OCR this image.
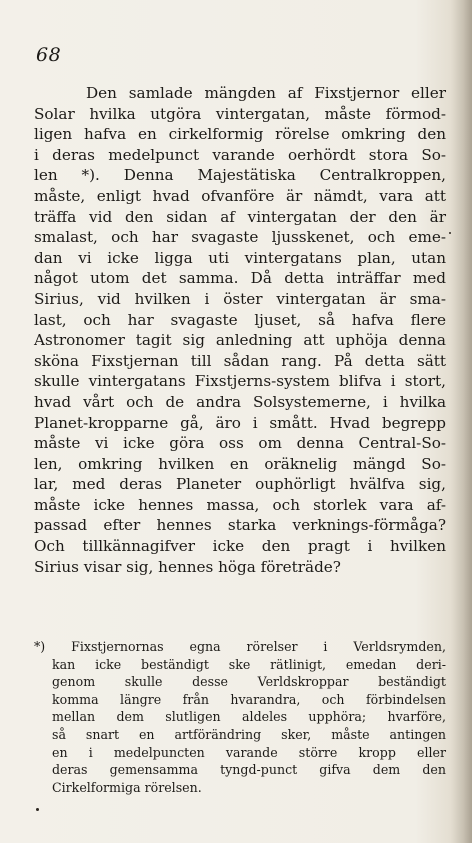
68

Den samlade mängden af Fixstjernor eller
Solar hvilka utgöra vintergatan, måste förmod-
ligen hafva en cirkelformig rörelse omkring den
i deras medelpunct varande oerhördt stora So-
len *). Denna Majestätiska Centralkroppen,
måste, enligt hvad ofvanföre är nämdt, vara att
träffa vid den sidan af vintergatan der den är
smalast, och har svagaste ljusskenet, och eme-
dan vi icke ligga uti vintergatans plan, utan
något utom det samma. Då detta inträffar med
Sirius, vid hvilken i öster vintergatan är sma-
last, och har svagaste ljuset, så hafva flere
Astronomer tagit sig anledning att uphöja denna
sköna Fixstjernan till sådan rang. På detta sätt
skulle vintergatans Fixstjerns-system blifva i stort,
hvad vårt och de andra Solsystemerne, i hvilka
Planet-kropparne gå, äro i smått. Hvad begrepp
måste vi icke göra oss om denna Central-So-
len, omkring hvilken en oräknelig mängd So-
lar, med deras Planeter ouphörligt hvälfva sig,
måste icke hennes massa, och storlek vara af-
passad efter hennes starka verknings-förmåga?
Och tillkännagifver icke den pragt i hvilken
Sirius visar sig, hennes höga företräde?

*) Fixstjernornas egna rörelser i Verldsrymden,
kan icke beständigt ske rätlinigt, emedan deri-
genom skulle desse Verldskroppar beständigt
komma längre från hvarandra, och förbindelsen
mellan dem slutligen aldeles upphöra; hvarföre,
så snart en artförändring sker, måste antingen
en i medelpuncten varande större kropp eller
deras gemensamma tyngd-punct gifva dem den
Cirkelformiga rörelsen.
